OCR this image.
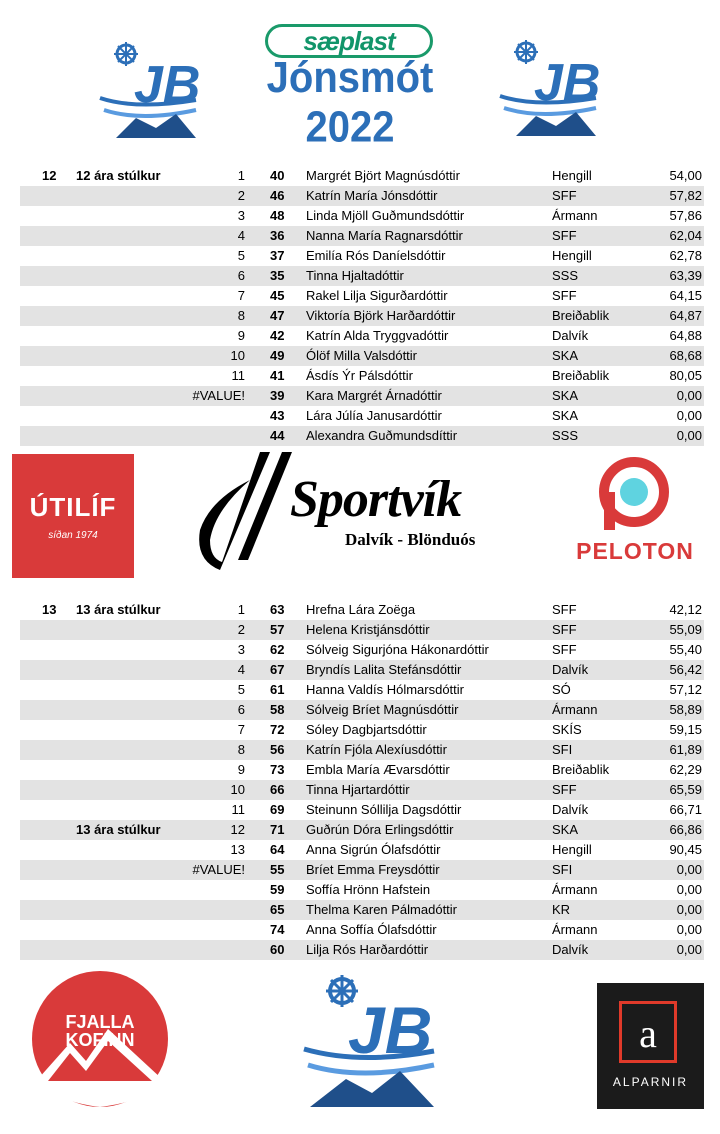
JB
sæplast
Jónsmót 2022
JB
12 12 ára stúlkur	1 40 Margrét Björt Magnúsdóttir	Hengill	54,00
2 46 Katrín María Jónsdóttir	SFF	57,82
3 48 Linda Mjöll Guðmundsdóttir	Ármann	57,86
4 36 Nanna María Ragnarsdóttir	SFF	62,04
5 37 Emilía Rós Daníelsdóttir	Hengill	62,78
6 35 Tinna Hjaltadóttir	SSS	63,39
7 45 Rakel Lilja Sigurðardóttir	SFF	64,15
8 47 Viktoría Björk Harðardóttir	Breiðablik	64,87
9 42 Katrín Alda Tryggvadóttir	Dalvík	64,88
10 49 Ólöf Milla Valsdóttir	SKA	68,68
11 41 Ásdís Ýr Pálsdóttir	Breiðablik	80,05
#VALUE! 39 Kara Margrét Árnadóttir	SKA	0,00
43 Lára Júlía Janusardóttir	SKA	0,00
44 Alexandra Guðmundsdíttir	SSS	0,00
ÚTILÍF
síðan 1974
Sportvík
Dalvík - Blönduós	PELOTON
13 13 ára stúlkur	1 63 Hrefna Lára Zoëga	SFF	42,12
2 57 Helena Kristjánsdóttir	SFF	55,09
3 62 Sólveig Sigurjóna Hákonardóttir	SFF	55,40
4 67 Bryndís Lalita Stefánsdóttir	Dalvík	56,42
5 61 Hanna Valdís Hólmarsdóttir	SÓ	57,12
6 58 Sólveig Bríet Magnúsdóttir	Ármann	58,89
7 72 Sóley Dagbjartsdóttir	SKÍS	59,15
8 56 Katrín Fjóla Alexíusdóttir	SFI	61,89
9 73 Embla María Ævarsdóttir	Breiðablik	62,29
10 66 Tinna Hjartardóttir	SFF	65,59
11 69 Steinunn Sóllilja Dagsdóttir	Dalvík	66,71
13 ára stúlkur	12 71 Guðrún Dóra Erlingsdóttir	SKA	66,86
13 64 Anna Sigrún Ólafsdóttir	Hengill	90,45
#VALUE! 55 Bríet Emma Freysdóttir	SFI	0,00
59 Soffía Hrönn Hafstein	Ármann	0,00
65 Thelma Karen Pálmadóttir	KR	0,00
74 Anna Soffía Ólafsdóttir	Ármann	0,00
60 Lilja Rós Harðardóttir	Dalvík	0,00
FJALLA
KOFINN	JB	a
ALPARNIR
